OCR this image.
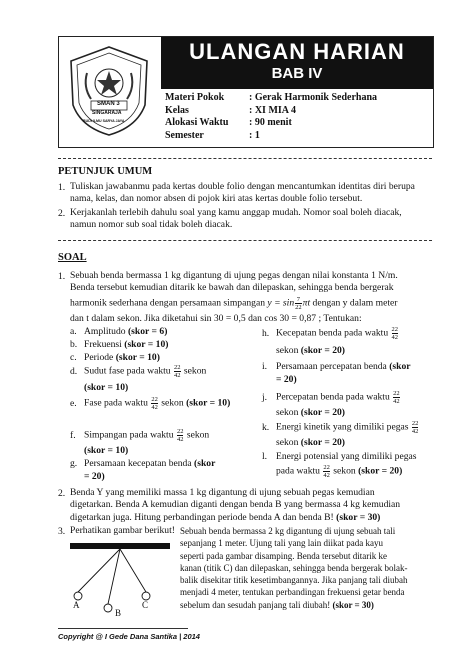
SMAN 3
SINGARAJA
BUDI ILMU SARYA JAYA
ULANGAN HARIAN
BAB IV
Materi Pokok	: Gerak Harmonik Sederhana
Kelas	: XI MIA 4
Alokasi Waktu	: 90 menit
Semester	: 1
PETUNJUK UMUM
1. Tuliskan jawabanmu pada kertas double folio dengan mencantumkan identitas diri berupa
nama, kelas, dan nomor absen di pojok kiri atas kertas double folio tersebut.
2. Kerjakanlah terlebih dahulu soal yang kamu anggap mudah. Nomor soal boleh diacak,
namun nomor sub soal tidak boleh diacak.
SOAL
1. Sebuah benda bermassa 1 kg digantung di ujung pegas dengan nilai konstanta 1 N/m.
Benda tersebut kemudian ditarik ke bawah dan dilepaskan, sehingga benda bergerak
harmonik sederhana dengan persamaan simpangan $y = \sin \frac{7}{22}$ πt dengan y dalam meter
dan t dalam sekon. Jika diketahui sin 30 = 0,5 dan cos 30 = 0,87 ; Tentukan:
a. Amplitudo (skor = 6)
b. Frekuensi (skor = 10)
c. Periode (skor = 10)
d. Sudut fase pada waktu $\frac{22}{42}$ sekon
(skor = 10)
e. Fase pada waktu $\frac{22}{42}$ sekon (skor = 10)
f. Simpangan pada waktu $\frac{22}{42}$ sekon
(skor = 10)
g. Persamaan kecepatan benda (skor
= 20)
h. Kecepatan benda pada waktu $\frac{22}{42}$
sekon (skor = 20)
i. Persamaan percepatan benda (skor
= 20)
j. Percepatan benda pada waktu $\frac{22}{42}$
sekon (skor = 20)
k. Energi kinetik yang dimiliki pegas $\frac{22}{42}$
sekon (skor = 20)
l. Energi potensial yang dimiliki pegas
pada waktu $\frac{22}{42}$ sekon (skor = 20)
2. Benda Y yang memiliki massa 1 kg digantung di ujung sebuah pegas kemudian
digetarkan. Benda A kemudian diganti dengan benda B yang bermassa 4 kg kemudian
digetarkan juga. Hitung perbandingan periode benda A dan benda B! (skor = 30)
3. Perhatikan gambar berikut!
A
B
C
Sebuah benda bermassa 2 kg digantung di ujung sebuah tali
sepanjang 1 meter. Ujung tali yang lain diikat pada kayu
seperti pada gambar disamping. Benda tersebut ditarik ke
kanan (titik C) dan dilepaskan, sehingga benda bergerak bolak-
balik disekitar titik kesetimbangannya. Jika panjang tali diubah
menjadi 4 meter, tentukan perbandingan frekuensi getar benda
sebelum dan sesudah panjang tali diubah! (skor = 30)
Copyright @ I Gede Dana Santika | 2014
